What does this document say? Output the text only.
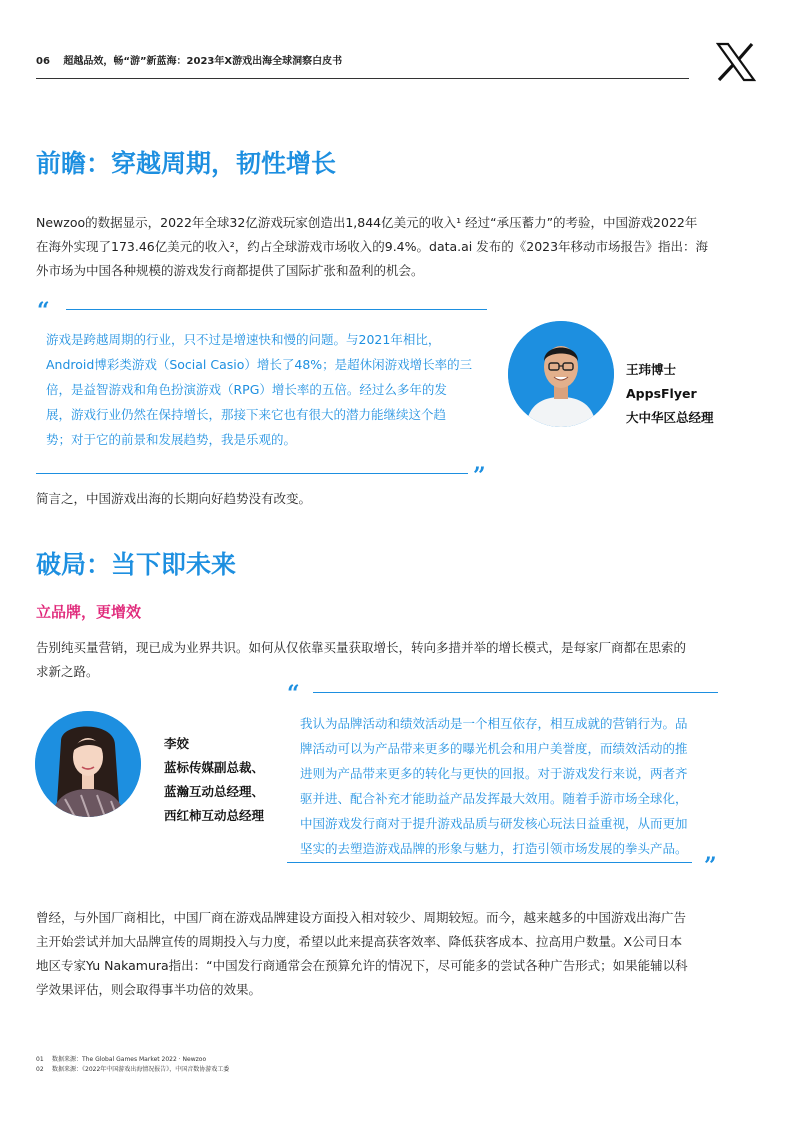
06 超越品效，畅“游”新蓝海：2023年X游戏出海全球洞察白皮书
前瞻：穿越周期，韧性增长
Newzoo的数据显示，2022年全球32亿游戏玩家创造出1,844亿美元的收入¹ 经过“承压蓄力”的考验，中国游戏2022年
在海外实现了173.46亿美元的收入²，约占全球游戏市场收入的9.4%。data.ai 发布的《2023年移动市场报告》指出：海
外市场为中国各种规模的游戏发行商都提供了国际扩张和盈利的机会。
“
游戏是跨越周期的行业，只不过是增速快和慢的问题。与2021年相比，
Android博彩类游戏（Social Casio）增长了48%；是超休闲游戏增长率的三
倍，是益智游戏和角色扮演游戏（RPG）增长率的五倍。经过么多年的发
展，游戏行业仍然在保持增长，那接下来它也有很大的潜力能继续这个趋
势；对于它的前景和发展趋势，我是乐观的。
”
王玮博士
AppsFlyer
大中华区总经理
简言之，中国游戏出海的长期向好趋势没有改变。
破局：当下即未来
立品牌，更增效
告别纯买量营销，现已成为业界共识。如何从仅依靠买量获取增长，转向多措并举的增长模式，是每家厂商都在思索的
求新之路。
李姣
蓝标传媒副总裁、
蓝瀚互动总经理、
西红柿互动总经理
“
我认为品牌活动和绩效活动是一个相互依存，相互成就的营销行为。品
牌活动可以为产品带来更多的曝光机会和用户美誉度，而绩效活动的推
进则为产品带来更多的转化与更快的回报。对于游戏发行来说，两者齐
驱并进、配合补充才能助益产品发挥最大效用。随着手游市场全球化，
中国游戏发行商对于提升游戏品质与研发核心玩法日益重视，从而更加
坚实的去塑造游戏品牌的形象与魅力，打造引领市场发展的拳头产品。
”
曾经，与外国厂商相比，中国厂商在游戏品牌建设方面投入相对较少、周期较短。而今，越来越多的中国游戏出海广告
主开始尝试并加大品牌宣传的周期投入与力度，希望以此来提高获客效率、降低获客成本、拉高用户数量。X公司日本
地区专家Yu Nakamura指出：“中国发行商通常会在预算允许的情况下，尽可能多的尝试各种广告形式；如果能辅以科
学效果评估，则会取得事半功倍的效果。
01 数据来源：The Global Games Market 2022 · Newzoo
02 数据来源：《2022年中国游戏出海情况报告》，中国音数协游戏工委
